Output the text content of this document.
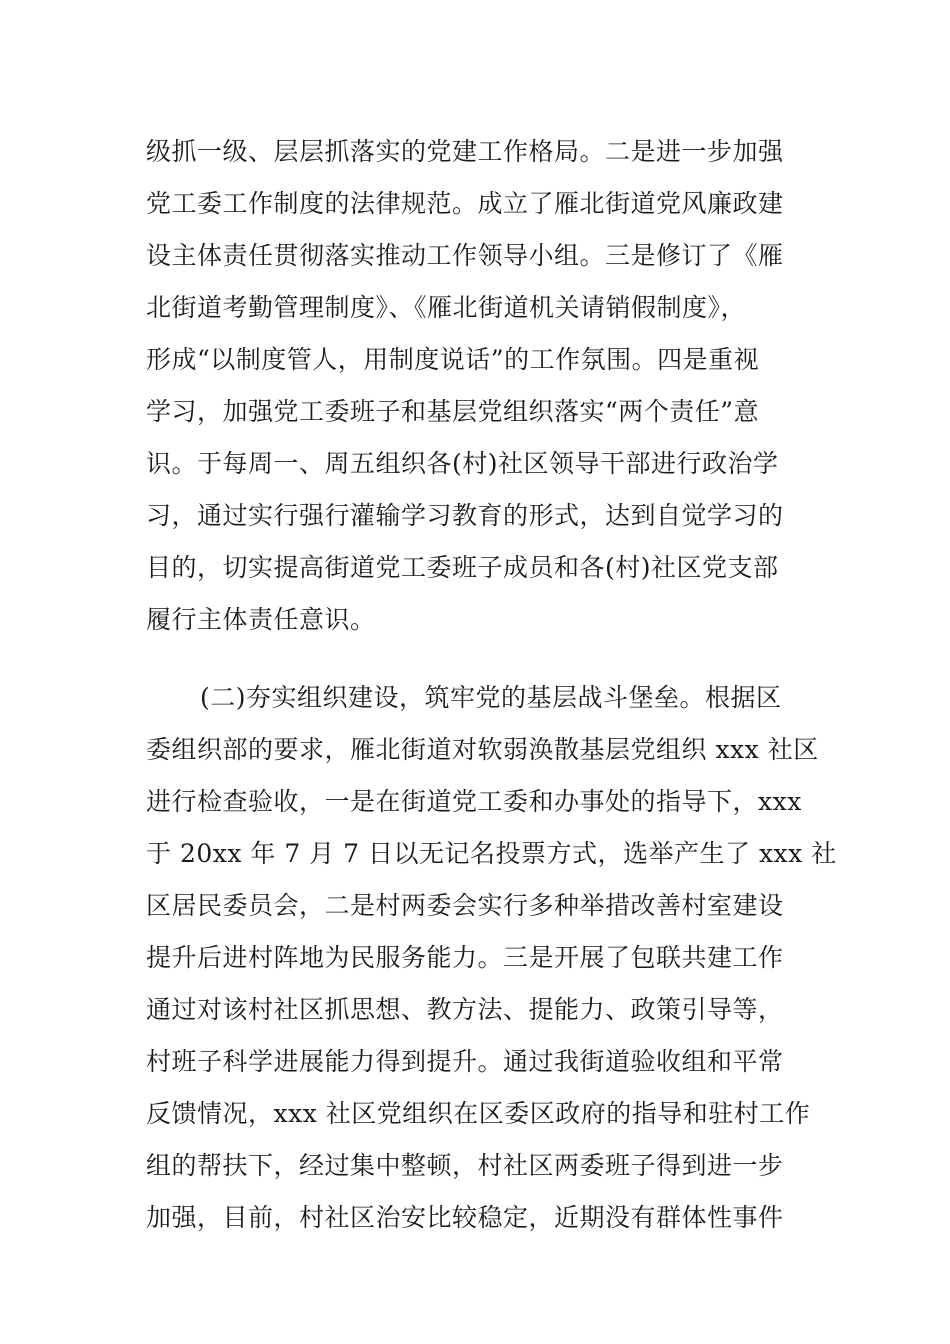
级抓一级、层层抓落实的党建工作格局。二是进一步加强
党工委工作制度的法律规范。成立了雁北街道党风廉政建
设主体责任贯彻落实推动工作领导小组。三是修订了《雁
北街道考勤管理制度》、《雁北街道机关请销假制度》，
形成“以制度管人，用制度说话”的工作氛围。四是重视
学习，加强党工委班子和基层党组织落实“两个责任”意
识。于每周一、周五组织各(村)社区领导干部进行政治学
习，通过实行强行灌输学习教育的形式，达到自觉学习的
目的，切实提高街道党工委班子成员和各(村)社区党支部
履行主体责任意识。
(二)夯实组织建设，筑牢党的基层战斗堡垒。根据区
委组织部的要求，雁北街道对软弱涣散基层党组织 xxx 社区
进行检查验收，一是在街道党工委和办事处的指导下，xxx
于 20xx 年 7 月 7 日以无记名投票方式，选举产生了 xxx 社
区居民委员会，二是村两委会实行多种举措改善村室建设
提升后进村阵地为民服务能力。三是开展了包联共建工作
通过对该村社区抓思想、教方法、提能力、政策引导等，
村班子科学进展能力得到提升。通过我街道验收组和平常
反馈情况，xxx 社区党组织在区委区政府的指导和驻村工作
组的帮扶下，经过集中整顿，村社区两委班子得到进一步
加强，目前，村社区治安比较稳定，近期没有群体性事件
